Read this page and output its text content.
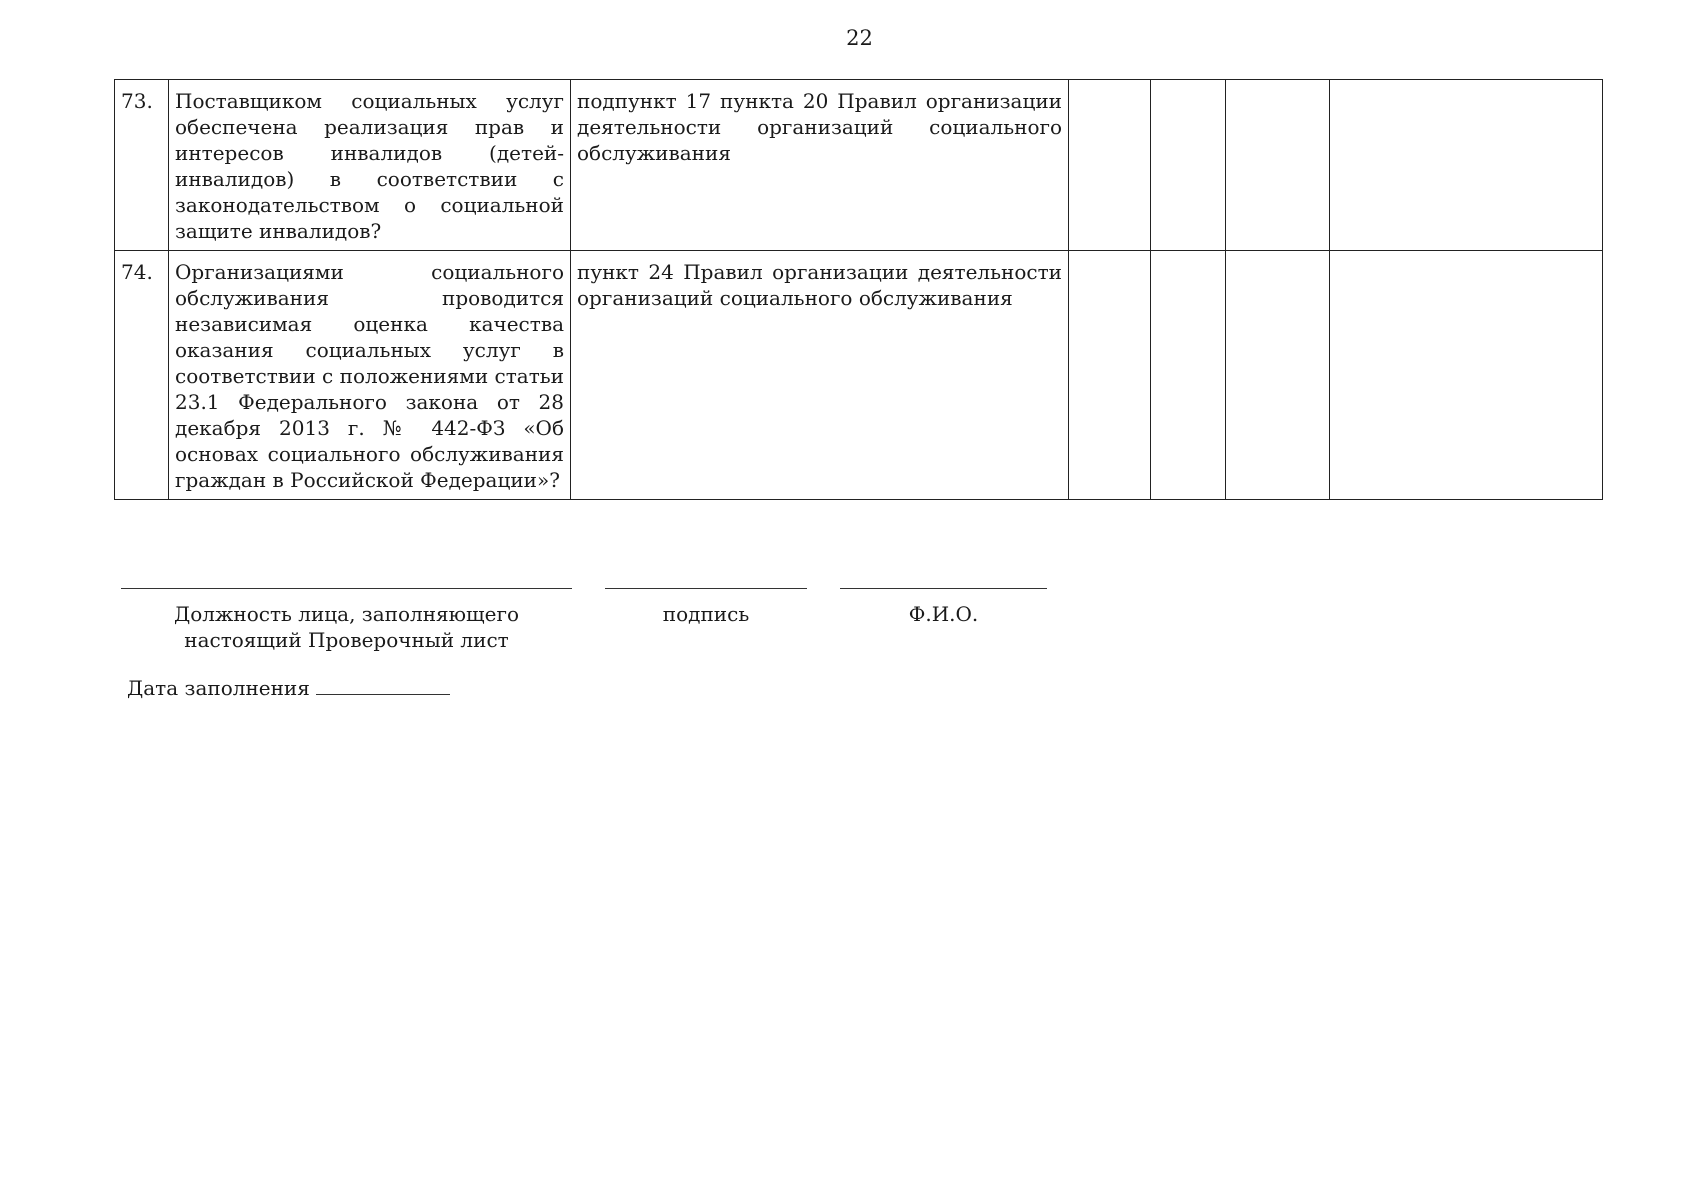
22
73.	Поставщиком социальных услуг обеспечена реализация прав и интересов инвалидов (детей-инвалидов) в соответствии с законодательством о социальной защите инвалидов?	подпункт 17 пункта 20 Правил организации деятельности организаций социального обслуживания				
74.	Организациями социального обслуживания проводится независимая оценка качества оказания социальных услуг в соответствии с положениями статьи 23.1 Федерального закона от 28 декабря 2013 г. № 442-ФЗ «Об основах социального обслуживания граждан в Российской Федерации»?	пункт 24 Правил организации деятельности организаций социального обслуживания				
Должность лица, заполняющего настоящий Проверочный лист
подпись	Ф.И.О.
Дата заполнения
